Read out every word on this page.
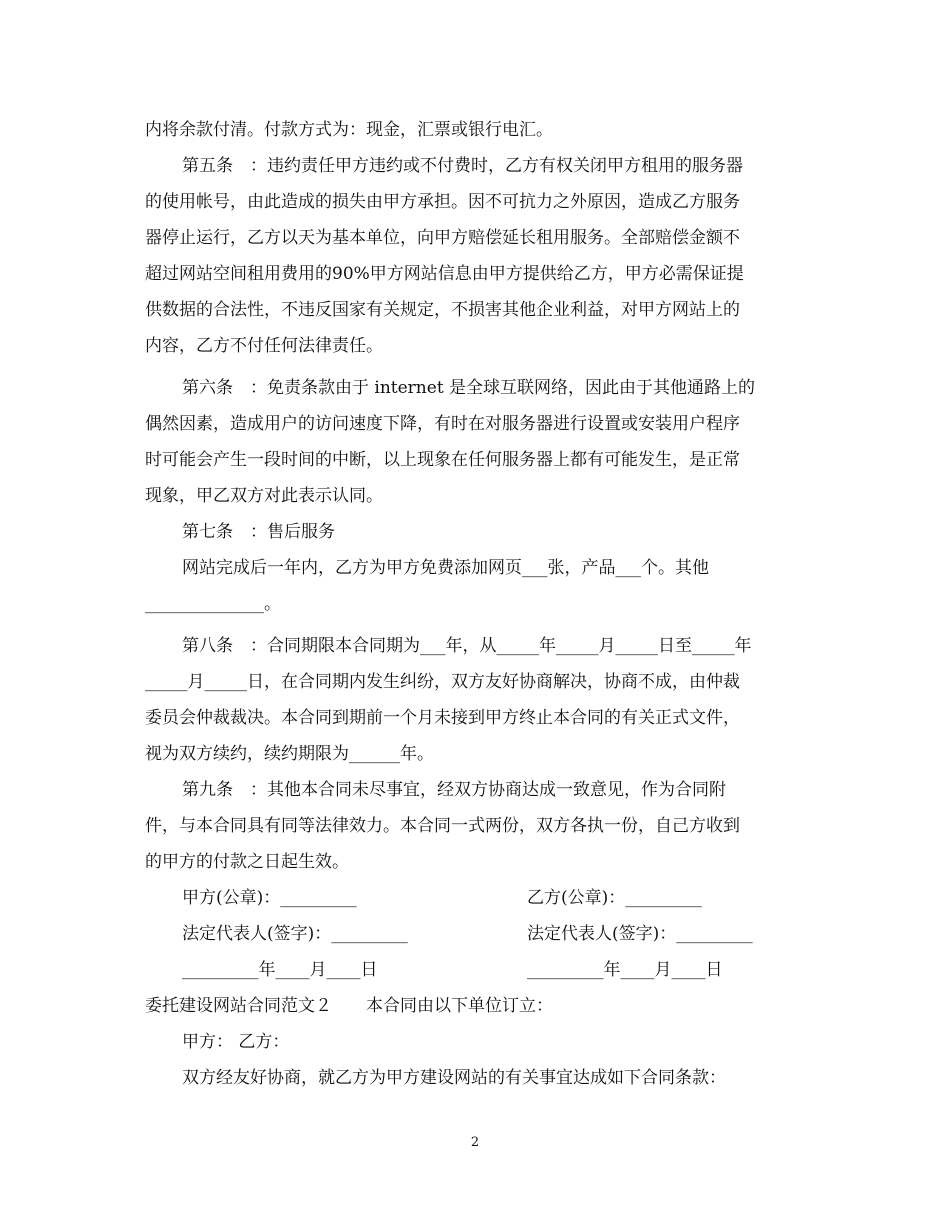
内将余款付清。付款方式为：现金，汇票或银行电汇。
第五条　：违约责任甲方违约或不付费时，乙方有权关闭甲方租用的服务器
的使用帐号，由此造成的损失由甲方承担。因不可抗力之外原因，造成乙方服务
器停止运行，乙方以天为基本单位，向甲方赔偿延长租用服务。全部赔偿金额不
超过网站空间租用费用的90%甲方网站信息由甲方提供给乙方，甲方必需保证提
供数据的合法性，不违反国家有关规定，不损害其他企业利益，对甲方网站上的
内容，乙方不付任何法律责任。
第六条　：免责条款由于 internet 是全球互联网络，因此由于其他通路上的
偶然因素，造成用户的访问速度下降，有时在对服务器进行设置或安装用户程序
时可能会产生一段时间的中断，以上现象在任何服务器上都有可能发生，是正常
现象，甲乙双方对此表示认同。
第七条　：售后服务
网站完成后一年内，乙方为甲方免费添加网页___张，产品___个。其他
______________。
第八条　：合同期限本合同期为___年，从_____年_____月_____日至_____年
_____月_____日，在合同期内发生纠纷，双方友好协商解决，协商不成，由仲裁
委员会仲裁裁决。本合同到期前一个月未接到甲方终止本合同的有关正式文件，
视为双方续约，续约期限为______年。
第九条　：其他本合同未尽事宜，经双方协商达成一致意见，作为合同附
件，与本合同具有同等法律效力。本合同一式两份，双方各执一份，自己方收到
的甲方的付款之日起生效。
甲方(公章)：_________	乙方(公章)：_________
法定代表人(签字)：_________	法定代表人(签字)：_________
_________年____月____日	_________年____月____日
委托建设网站合同范文２　　本合同由以下单位订立：
甲方： 乙方：
双方经友好协商，就乙方为甲方建设网站的有关事宜达成如下合同条款：
2
